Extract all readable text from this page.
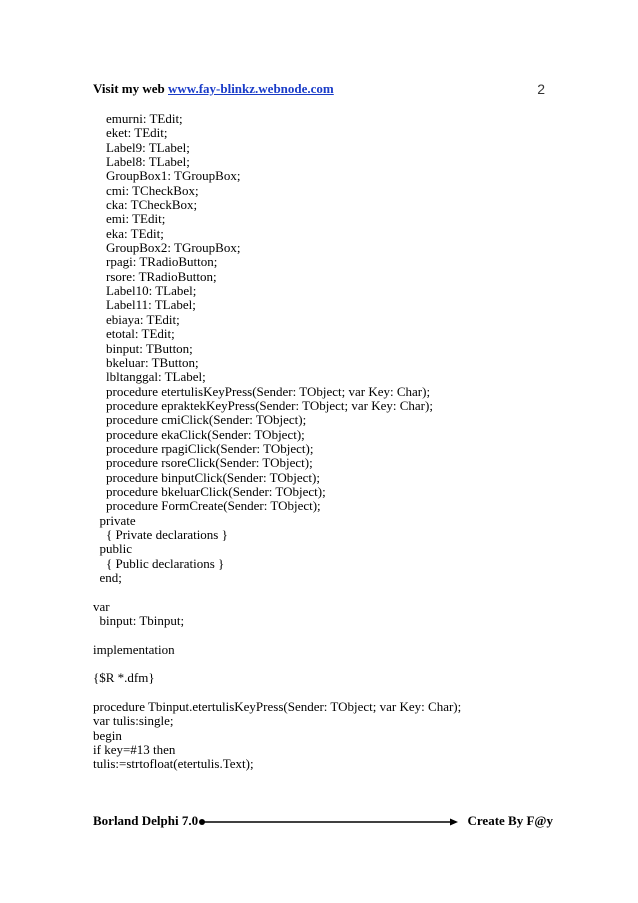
Visit my web www.fay-blinkz.webnode.com	2
emurni: TEdit;
eket: TEdit;
Label9: TLabel;
Label8: TLabel;
GroupBox1: TGroupBox;
cmi: TCheckBox;
cka: TCheckBox;
emi: TEdit;
eka: TEdit;
GroupBox2: TGroupBox;
rpagi: TRadioButton;
rsore: TRadioButton;
Label10: TLabel;
Label11: TLabel;
ebiaya: TEdit;
etotal: TEdit;
binput: TButton;
bkeluar: TButton;
lbltanggal: TLabel;
procedure etertulisKeyPress(Sender: TObject; var Key: Char);
procedure epraktekKeyPress(Sender: TObject; var Key: Char);
procedure cmiClick(Sender: TObject);
procedure ekaClick(Sender: TObject);
procedure rpagiClick(Sender: TObject);
procedure rsoreClick(Sender: TObject);
procedure binputClick(Sender: TObject);
procedure bkeluarClick(Sender: TObject);
procedure FormCreate(Sender: TObject);
private
{ Private declarations }
public
{ Public declarations }
end;
var
binput: Tbinput;
implementation
{$R *.dfm}
procedure Tbinput.etertulisKeyPress(Sender: TObject; var Key: Char);
var tulis:single;
begin
if key=#13 then
tulis:=strtofloat(etertulis.Text);
Borland Delphi 7.0	Create By F@y
